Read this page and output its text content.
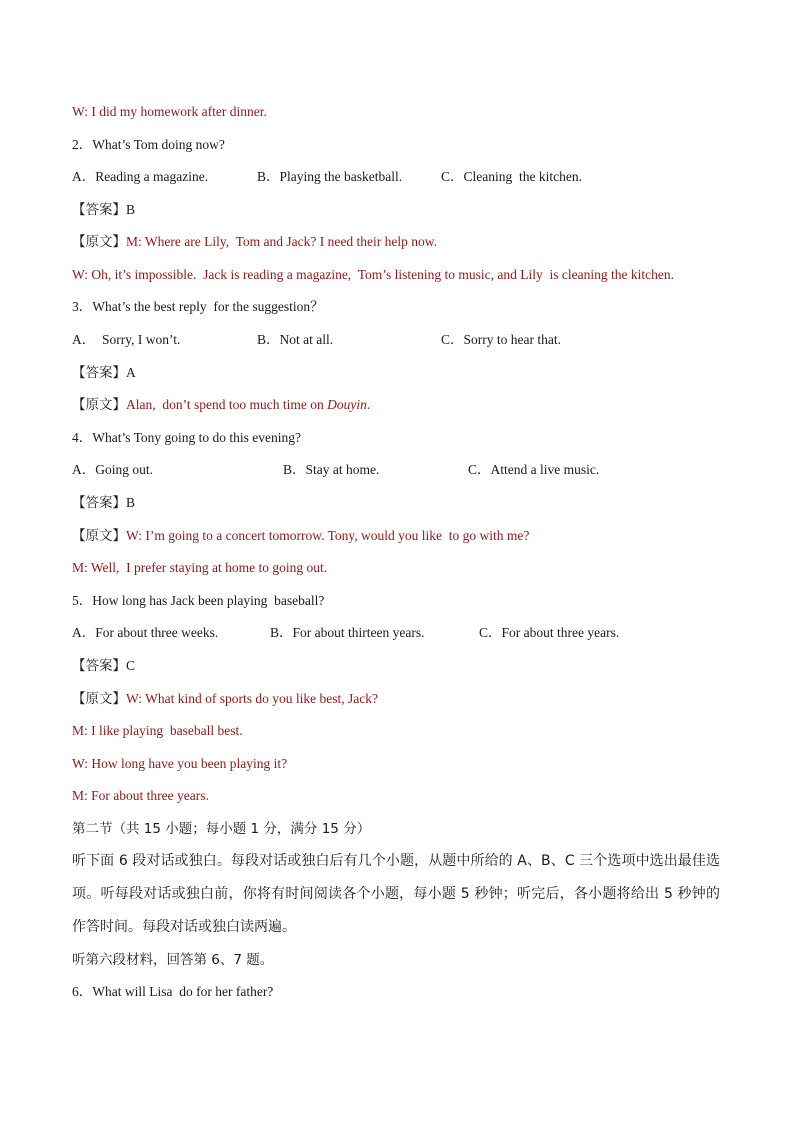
W: I did my homework after dinner.
2．What’s Tom doing now?
A．Reading a magazine.	B．Playing the basketball.	C．Cleaning  the kitchen.
【答案】B
【原文】M: Where are Lily,  Tom and Jack? I need their help now.
W: Oh, it’s impossible.  Jack is reading a magazine,  Tom’s listening to music, and Lily  is cleaning the kitchen.
3．What’s the best reply  for the suggestion？
A．  Sorry, I won’t.	B．Not at all.	C．Sorry to hear that.
【答案】A
【原文】Alan,  don’t spend too much time on Douyin.
4．What’s Tony going to do this evening?
A．Going out.	B．Stay at home.	C．Attend a live music.
【答案】B
【原文】W: I’m going to a concert tomorrow. Tony, would you like  to go with me?
M: Well,  I prefer staying at home to going out.
5．How long has Jack been playing  baseball?
A．For about three weeks.	B．For about thirteen years.	C．For about three years.
【答案】C
【原文】W: What kind of sports do you like best, Jack?
M: I like playing  baseball best.
W: How long have you been playing it?
M: For about three years.
第二节（共 15 小题；每小题 1 分，满分 15 分）
听下面 6 段对话或独白。每段对话或独白后有几个小题，从题中所给的 A、B、C 三个选项中选出最佳选项。听每段对话或独白前，你将有时间阅读各个小题，每小题 5 秒钟；听完后，各小题将给出 5 秒钟的作答时间。每段对话或独白读两遍。
听第六段材料，回答第 6、7 题。
6．What will Lisa  do for her father?
